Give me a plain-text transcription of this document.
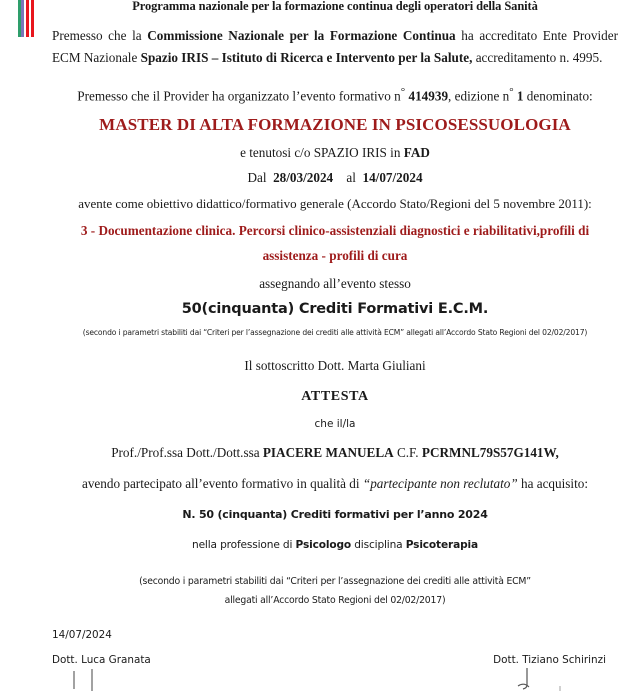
Programma nazionale per la formazione continua degli operatori della Sanità

Premesso che la Commissione Nazionale per la Formazione Continua ha accreditato Ente Provider ECM Nazionale Spazio IRIS – Istituto di Ricerca e Intervento per la Salute, accreditamento n. 4995.

Premesso che il Provider ha organizzato l’evento formativo n° 414939, edizione n° 1 denominato:

MASTER DI ALTA FORMAZIONE IN PSICOSESSUOLOGIA
e tenutosi c/o SPAZIO IRIS in FAD
Dal 28/03/2024 al 14/07/2024
avente come obiettivo didattico/formativo generale (Accordo Stato/Regioni del 5 novembre 2011):
3 - Documentazione clinica. Percorsi clinico-assistenziali diagnostici e riabilitativi,profili di
assistenza - profili di cura
assegnando all’evento stesso
50(cinquanta) Crediti Formativi E.C.M.
(secondo i parametri stabiliti dai “Criteri per l’assegnazione dei crediti alle attività ECM” allegati all’Accordo Stato Regioni del 02/02/2017)
Il sottoscritto Dott. Marta Giuliani
ATTESTA
che il/la
Prof./Prof.ssa Dott./Dott.ssa PIACERE MANUELA C.F. PCRMNL79S57G141W,
avendo partecipato all’evento formativo in qualità di “partecipante non reclutato” ha acquisito:
N. 50 (cinquanta) Crediti formativi per l’anno 2024
nella professione di Psicologo disciplina Psicoterapia
(secondo i parametri stabiliti dai “Criteri per l’assegnazione dei crediti alle attività ECM”
allegati all’Accordo Stato Regioni del 02/02/2017)
14/07/2024
Dott. Luca Granata	Dott. Tiziano Schirinzi
